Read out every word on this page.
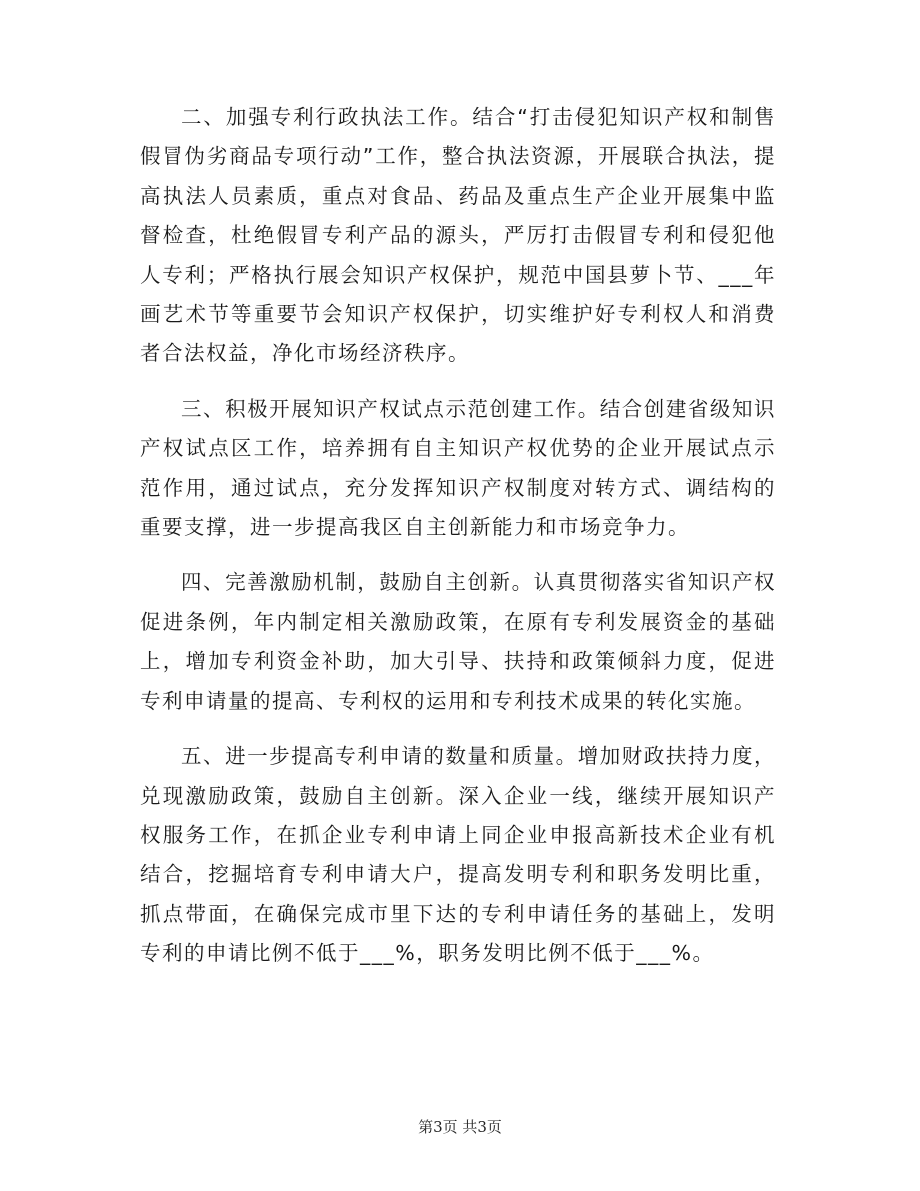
二、加强专利行政执法工作。结合“打击侵犯知识产权和制售假冒伪劣商品专项行动”工作，整合执法资源，开展联合执法，提高执法人员素质，重点对食品、药品及重点生产企业开展集中监督检查，杜绝假冒专利产品的源头，严厉打击假冒专利和侵犯他人专利；严格执行展会知识产权保护，规范中国县萝卜节、___年画艺术节等重要节会知识产权保护，切实维护好专利权人和消费者合法权益，净化市场经济秩序。

三、积极开展知识产权试点示范创建工作。结合创建省级知识产权试点区工作，培养拥有自主知识产权优势的企业开展试点示范作用，通过试点，充分发挥知识产权制度对转方式、调结构的重要支撑，进一步提高我区自主创新能力和市场竞争力。

四、完善激励机制，鼓励自主创新。认真贯彻落实省知识产权促进条例，年内制定相关激励政策，在原有专利发展资金的基础上，增加专利资金补助，加大引导、扶持和政策倾斜力度，促进专利申请量的提高、专利权的运用和专利技术成果的转化实施。

五、进一步提高专利申请的数量和质量。增加财政扶持力度，兑现激励政策，鼓励自主创新。深入企业一线，继续开展知识产权服务工作，在抓企业专利申请上同企业申报高新技术企业有机结合，挖掘培育专利申请大户，提高发明专利和职务发明比重，抓点带面，在确保完成市里下达的专利申请任务的基础上，发明专利的申请比例不低于___%，职务发明比例不低于___%。

第3页 共3页
